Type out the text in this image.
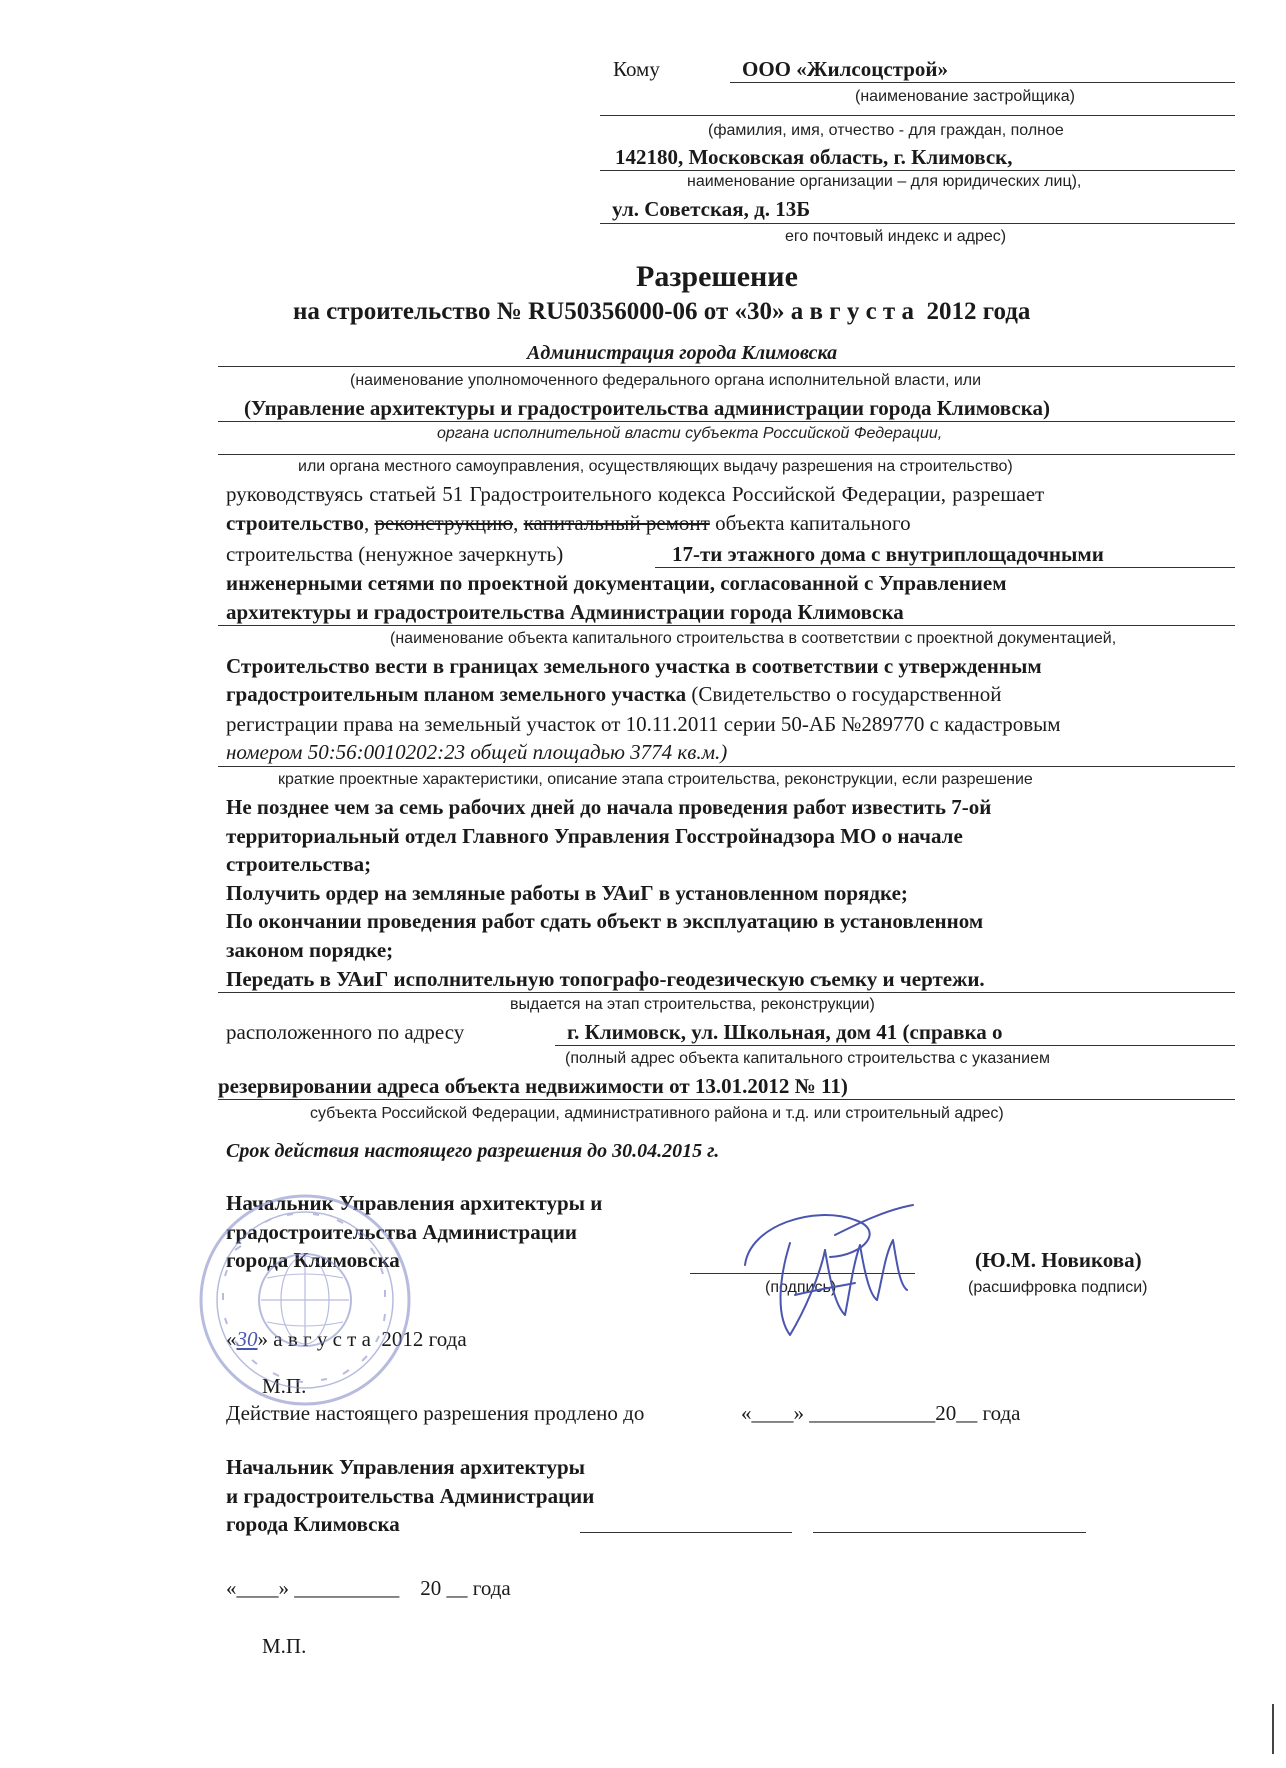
Кому	ООО «Жилсоцстрой»
(наименование застройщика)
(фамилия, имя, отчество - для граждан, полное
142180, Московская область, г. Климовск,
наименование организации – для юридических лиц),
ул. Советская, д. 13Б
его почтовый индекс и адрес)
Разрешение
на строительство № RU50356000-06 от «30» а в г у с т а  2012 года
Администрация города Климовска
(наименование уполномоченного федерального органа исполнительной власти, или
(Управление архитектуры и градостроительства администрации города Климовска)
органа исполнительной власти субъекта Российской Федерации,
или органа местного самоуправления, осуществляющих выдачу разрешения на строительство)
руководствуясь статьей 51 Градостроительного кодекса Российской Федерации, разрешает
строительство, реконструкцию, капитальный ремонт объекта капитального
строительства (ненужное зачеркнуть)	17-ти этажного дома с внутриплощадочными
инженерными сетями по проектной документации, согласованной с Управлением
архитектуры и градостроительства Администрации города Климовска
(наименование объекта капитального строительства в соответствии с проектной документацией,
Строительство вести в границах земельного участка в соответствии с утвержденным
градостроительным планом земельного участка (Свидетельство о государственной
регистрации права на земельный участок от 10.11.2011 серии 50-АБ №289770 с кадастровым
номером 50:56:0010202:23 общей площадью 3774 кв.м.)
краткие проектные характеристики, описание этапа строительства, реконструкции, если разрешение
Не позднее чем за семь рабочих дней до начала проведения работ известить 7-ой
территориальный отдел Главного Управления Госстройнадзора МО о начале
строительства;
Получить ордер на земляные работы в УАиГ в установленном порядке;
По окончании проведения работ сдать объект в эксплуатацию в установленном
законом порядке;
Передать в УАиГ исполнительную топографо-геодезическую съемку и чертежи.
выдается на этап строительства, реконструкции)
расположенного по адресу	г. Климовск, ул. Школьная, дом 41 (справка о
(полный адрес объекта капитального строительства с указанием
резервировании адреса объекта недвижимости от 13.01.2012 № 11)
субъекта Российской Федерации, административного района и т.д. или строительный адрес)
Срок действия настоящего разрешения до 30.04.2015 г.
Начальник Управления архитектуры и
градостроительства Администрации
города Климовска	(Ю.М. Новикова)
(подпись)	(расшифровка подписи)
«30» а в г у с т а  2012 года
М.П.
Действие настоящего разрешения продлено до	«____» ____________20__ года
Начальник Управления архитектуры
и градостроительства Администрации
города Климовска
«____» __________    20 __ года
М.П.
